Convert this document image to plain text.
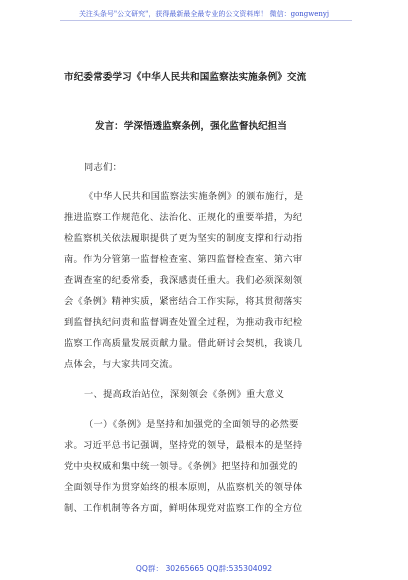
关注头条号"公文研究"，获得最新最全最专业的公文资料库！ 微信：gongwenyj
市纪委常委学习《中华人民共和国监察法实施条例》交流
发言：学深悟透监察条例，强化监督执纪担当
同志们：
《中华人民共和国监察法实施条例》的颁布施行，是
推进监察工作规范化、法治化、正规化的重要举措，为纪
检监察机关依法履职提供了更为坚实的制度支撑和行动指
南。作为分管第一监督检查室、第四监督检查室、第六审
查调查室的纪委常委，我深感责任重大。我们必须深刻领
会《条例》精神实质，紧密结合工作实际，将其贯彻落实
到监督执纪问责和监督调查处置全过程，为推动我市纪检
监察工作高质量发展贡献力量。借此研讨会契机，我谈几
点体会，与大家共同交流。
一、提高政治站位，深刻领会《条例》重大意义
（一）《条例》是坚持和加强党的全面领导的必然要
求。习近平总书记强调，坚持党的领导，最根本的是坚持
党中央权威和集中统一领导。《条例》把坚持和加强党的
全面领导作为贯穿始终的根本原则，从监察机关的领导体
制、工作机制等各方面，鲜明体现党对监察工作的全方位
QQ群： 30265665 QQ群:535304092
